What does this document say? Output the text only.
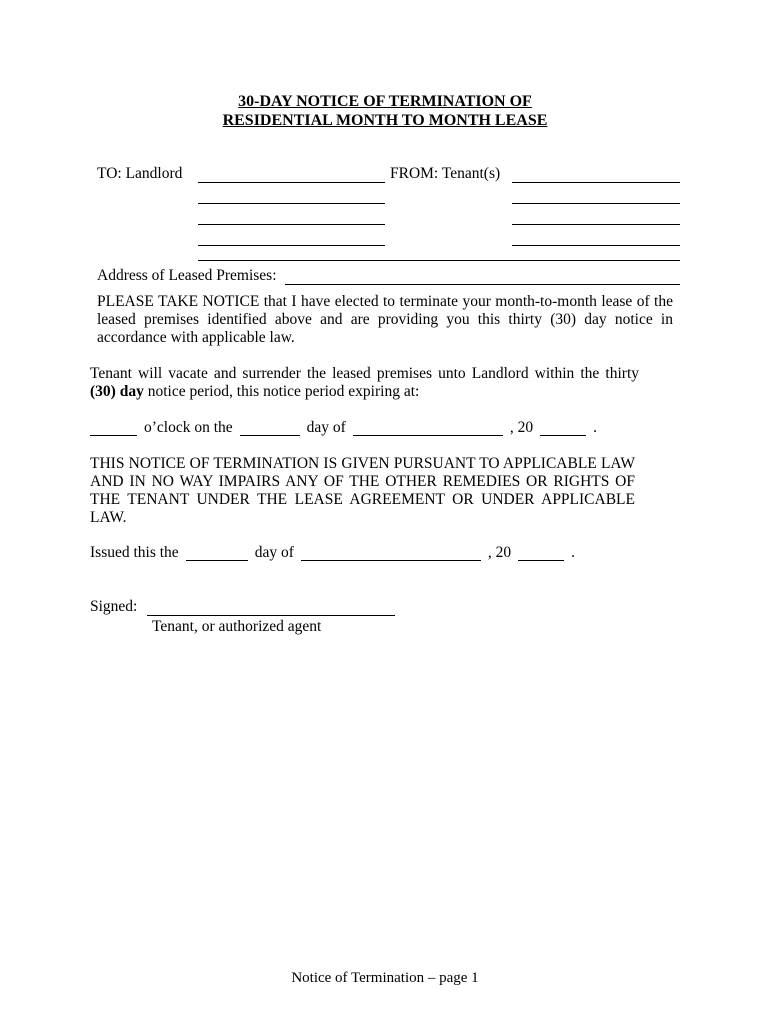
30-DAY NOTICE OF TERMINATION OF
RESIDENTIAL MONTH TO MONTH LEASE
TO: Landlord	FROM: Tenant(s)
Address of Leased Premises:
PLEASE TAKE NOTICE that I have elected to terminate your month-to-month lease of the leased premises identified above and are providing you this thirty (30) day notice in accordance with applicable law.
Tenant will vacate and surrender the leased premises unto Landlord within the thirty (30) day notice period, this notice period expiring at:
o’clock on the	day of	, 20	.
THIS NOTICE OF TERMINATION IS GIVEN PURSUANT TO APPLICABLE LAW AND IN NO WAY IMPAIRS ANY OF THE OTHER REMEDIES OR RIGHTS OF THE TENANT UNDER THE LEASE AGREEMENT OR UNDER APPLICABLE LAW.
Issued this the	day of	, 20	.
Signed:
Tenant, or authorized agent
Notice of Termination – page 1
